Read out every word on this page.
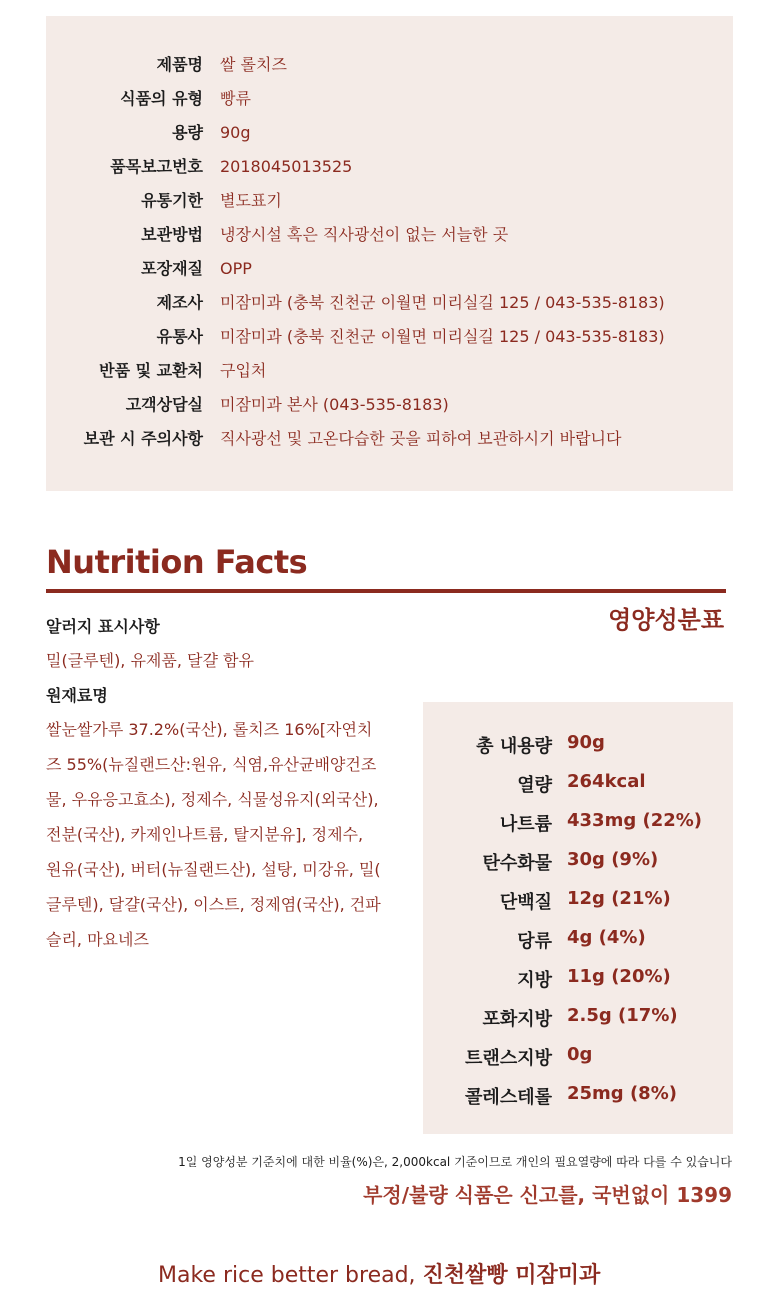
제품명 쌀 롤치즈
식품의 유형 빵류
용량 90g
품목보고번호 2018045013525
유통기한 별도표기
보관방법 냉장시설 혹은 직사광선이 없는 서늘한 곳
포장재질 OPP
제조사 미잠미과 (충북 진천군 이월면 미리실길 125 / 043-535-8183)
유통사 미잠미과 (충북 진천군 이월면 미리실길 125 / 043-535-8183)
반품 및 교환처 구입처
고객상담실 미잠미과 본사 (043-535-8183)
보관 시 주의사항 직사광선 및 고온다습한 곳을 피하여 보관하시기 바랍니다
Nutrition Facts
영양성분표
알러지 표시사항
밀(글루텐), 유제품, 달걀 함유
원재료명
쌀눈쌀가루 37.2%(국산), 롤치즈 16%[자연치
즈 55%(뉴질랜드산:원유, 식염,유산균배양건조
물, 우유응고효소), 정제수, 식물성유지(외국산),
전분(국산), 카제인나트륨, 탈지분유], 정제수,
원유(국산), 버터(뉴질랜드산), 설탕, 미강유, 밀(
글루텐), 달걀(국산), 이스트, 정제염(국산), 건파
슬리, 마요네즈
총 내용량 90g
열량 264kcal
나트륨 433mg (22%)
탄수화물 30g (9%)
단백질 12g (21%)
당류 4g (4%)
지방 11g (20%)
포화지방 2.5g (17%)
트랜스지방 0g
콜레스테롤 25mg (8%)
1일 영양성분 기준치에 대한 비율(%)은, 2,000kcal 기준이므로 개인의 필요열량에 따라 다를 수 있습니다
부정/불량 식품은 신고를, 국번없이 1399
Make rice better bread, 진천쌀빵 미잠미과
